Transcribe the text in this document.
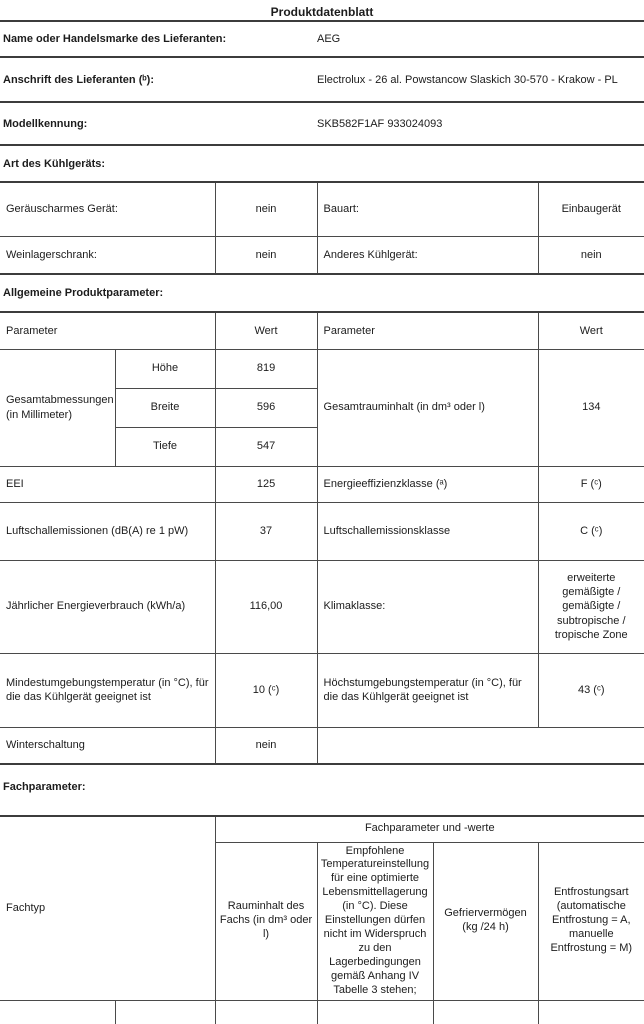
Produktdatenblatt
Name oder Handelsmarke des Lieferanten:	AEG
Anschrift des Lieferanten (ᵇ):	Electrolux - 26 al. Powstancow Slaskich 30-570 - Krakow - PL
Modellkennung:	SKB582F1AF 933024093
Art des Kühlgeräts:
Geräuscharmes Gerät:	nein	Bauart:	Einbaugerät
Weinlagerschrank:	nein	Anderes Kühlgerät:	nein
Allgemeine Produktparameter:
Parameter		Wert	Parameter	Wert
Gesamtabmessungen (in Millimeter)	Höhe	819	Gesamtrauminhalt (in dm³ oder l)	134
	Breite	596		
	Tiefe	547		
EEI		125	Energieeffizienzklasse (ᵃ)	F (ᶜ)
Luftschallemissionen (dB(A) re 1 pW)		37	Luftschallemissionsklasse	C (ᶜ)
Jährlicher Energieverbrauch (kWh/a)		116,00	Klimaklasse:	erweiterte gemäßigte / gemäßigte / subtropische / tropische Zone
Mindestumgebungstemperatur (in °C), für die das Kühlgerät geeignet ist		10 (ᶜ)	Höchstumgebungstemperatur (in °C), für die das Kühlgerät geeignet ist	43 (ᶜ)
Winterschaltung		nein		
Fachparameter:
Fachtyp		Fachparameter und -werte			
		Rauminhalt des Fachs (in dm³ oder l)	Empfohlene Temperatureinstellung für eine optimierte Lebensmittellagerung (in °C). Diese Einstellungen dürfen nicht im Widerspruch zu den Lagerbedingungen gemäß Anhang IV Tabelle 3 stehen;	Gefriervermögen (kg /24 h)	Entfrostungsart (automatische Entfrostung = A, manuelle Entfrostung = M)
